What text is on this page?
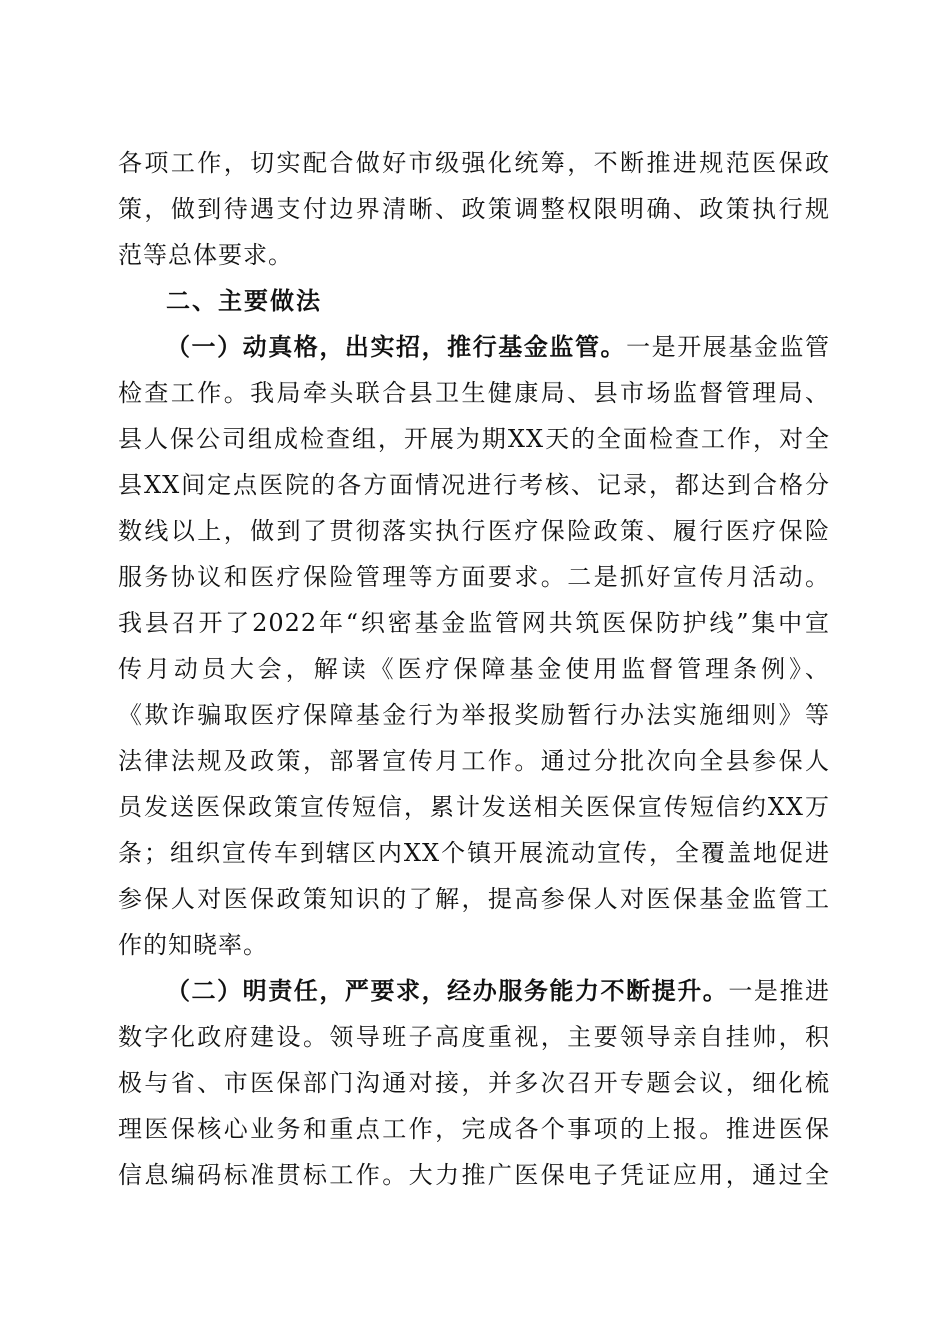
各项工作，切实配合做好市级强化统筹，不断推进规范医保政
策，做到待遇支付边界清晰、政策调整权限明确、政策执行规
范等总体要求。
二、主要做法
（一）动真格，出实招，推行基金监管。一是开展基金监管
检查工作。我局牵头联合县卫生健康局、县市场监督管理局、
县人保公司组成检查组，开展为期XX天的全面检查工作，对全
县XX间定点医院的各方面情况进行考核、记录，都达到合格分
数线以上，做到了贯彻落实执行医疗保险政策、履行医疗保险
服务协议和医疗保险管理等方面要求。二是抓好宣传月活动。
我县召开了2022年“织密基金监管网共筑医保防护线”集中宣
传月动员大会，解读《医疗保障基金使用监督管理条例》、
《欺诈骗取医疗保障基金行为举报奖励暂行办法实施细则》等
法律法规及政策，部署宣传月工作。通过分批次向全县参保人
员发送医保政策宣传短信，累计发送相关医保宣传短信约XX万
条；组织宣传车到辖区内XX个镇开展流动宣传，全覆盖地促进
参保人对医保政策知识的了解，提高参保人对医保基金监管工
作的知晓率。
（二）明责任，严要求，经办服务能力不断提升。一是推进
数字化政府建设。领导班子高度重视，主要领导亲自挂帅，积
极与省、市医保部门沟通对接，并多次召开专题会议，细化梳
理医保核心业务和重点工作，完成各个事项的上报。推进医保
信息编码标准贯标工作。大力推广医保电子凭证应用，通过全
